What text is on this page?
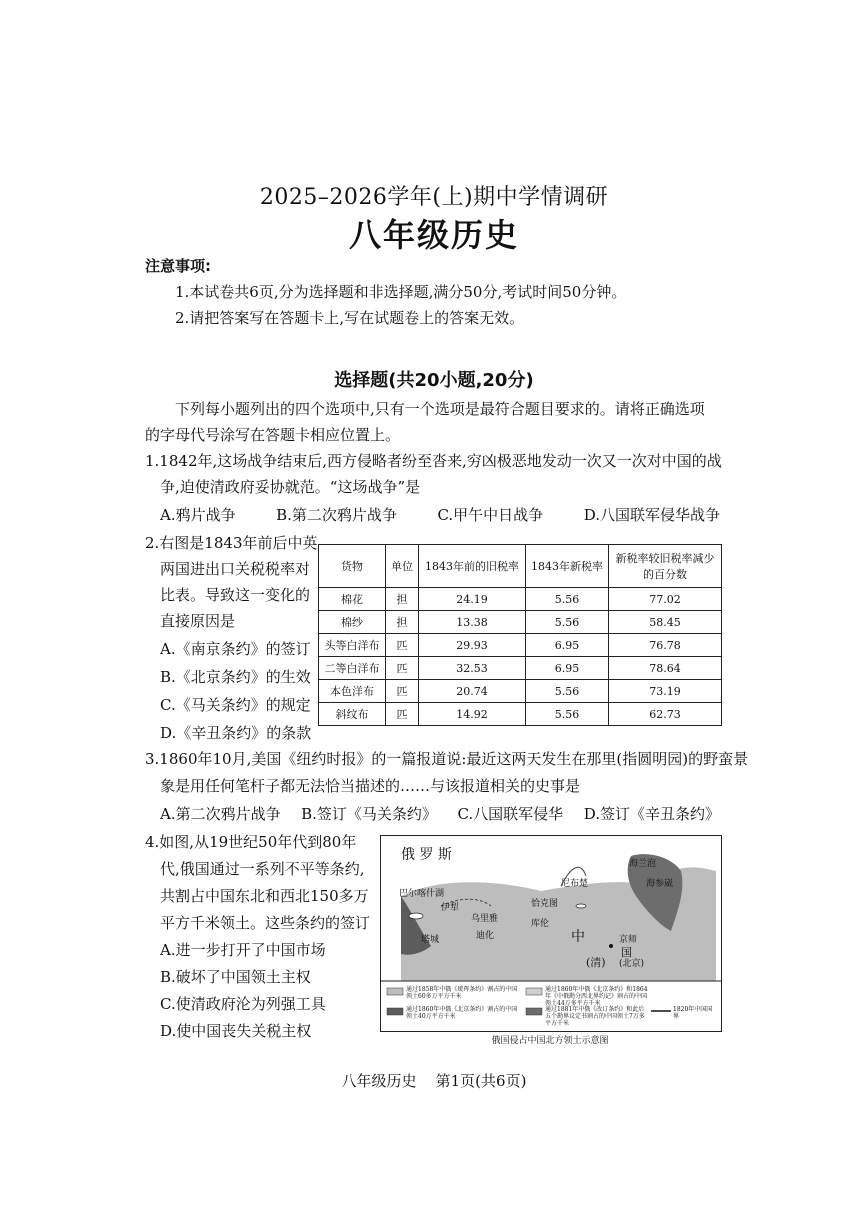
2025–2026学年(上)期中学情调研
八年级历史
注意事项:
1.本试卷共6页,分为选择题和非选择题,满分50分,考试时间50分钟。
2.请把答案写在答题卡上,写在试题卷上的答案无效。
选择题(共20小题,20分)
下列每小题列出的四个选项中,只有一个选项是最符合题目要求的。请将正确选项
的字母代号涂写在答题卡相应位置上。
1.1842年,这场战争结束后,西方侵略者纷至沓来,穷凶极恶地发动一次又一次对中国的战
争,迫使清政府妥协就范。“这场战争”是
A.鸦片战争	B.第二次鸦片战争	C.甲午中日战争	D.八国联军侵华战争
2.右图是1843年前后中英
两国进出口关税税率对
比表。导致这一变化的
直接原因是
A.《南京条约》的签订
B.《北京条约》的生效
C.《马关条约》的规定
D.《辛丑条约》的条款
货物	单位	1843年前的旧税率	1843年新税率	新税率较旧税率减少的百分数
棉花	担	24.19	5.56	77.02
棉纱	担	13.38	5.56	58.45
头等白洋布	匹	29.93	6.95	76.78
二等白洋布	匹	32.53	6.95	78.64
本色洋布	匹	20.74	5.56	73.19
斜纹布	匹	14.92	5.56	62.73
3.1860年10月,美国《纽约时报》的一篇报道说:最近这两天发生在那里(指圆明园)的野蛮景
象是用任何笔杆子都无法恰当描述的……与该报道相关的史事是
A.第二次鸦片战争 B.签订《马关条约》 C.八国联军侵华 D.签订《辛丑条约》
4.如图,从19世纪50年代到80年
代,俄国通过一系列不平等条约,
共割占中国东北和西北150多万
平方千米领土。这些条约的签订
A.进一步打开了中国市场
B.破坏了中国领土主权
C.使清政府沦为列强工具
D.使中国丧失关税主权
俄 罗 斯
中
国
(清)
京师
(北京)
尼布楚
恰克图
库伦
乌里雅
伊犁
迪化
塔城
巴尔喀什湖
海参崴
海兰泡
通过1858年中俄《瑷珲条约》割占的中国领土60多万平方千米
通过1860年中俄《北京条约》和1864年《中俄勘分西北界约记》割占的中国领土44万多平方千米
通过1860年中俄《北京条约》割占的中国领土40万平方千米
通过1881年中俄《改订条约》和此后五个勘界议定书割占的中国领土7万多平方千米
1820年中国国界
俄国侵占中国北方领土示意图
八年级历史 第1页(共6页)
